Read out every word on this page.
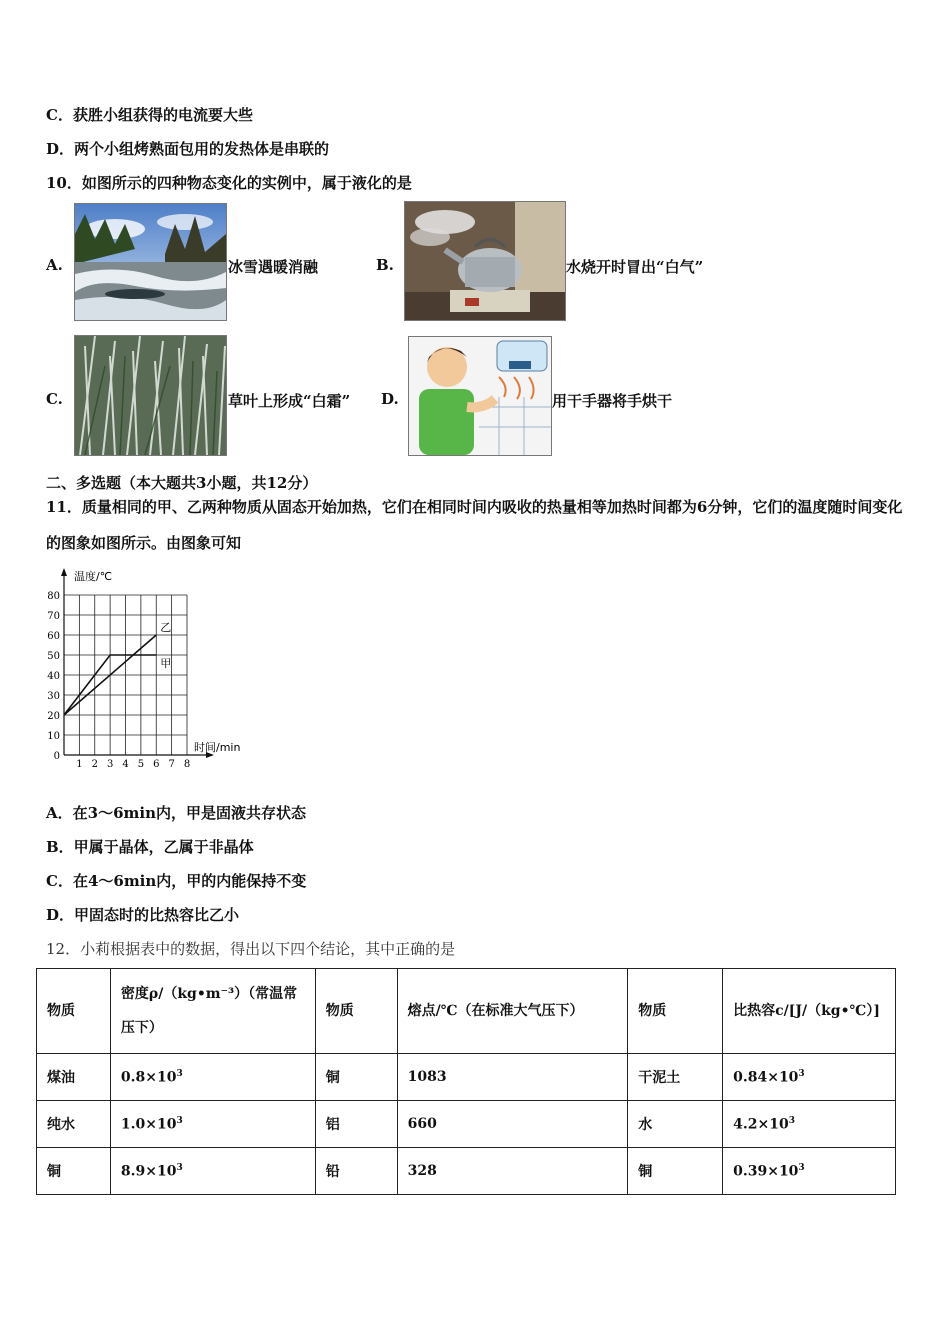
C．获胜小组获得的电流要大些
D．两个小组烤熟面包用的发热体是串联的
10．如图所示的四种物态变化的实例中，属于液化的是
A.	冰雪遇暖消融	B.	水烧开时冒出“白气”
C.	草叶上形成“白霜” D.	用干手器将手烘干
二、多选题（本大题共3小题，共12分）
11．质量相同的甲、乙两种物质从固态开始加热，它们在相同时间内吸收的热量相等加热时间都为6分钟，它们的温度随时间变化的图象如图所示。由图象可知
温度/℃
时间/min
80
70
60
50
40
30
20
10
0
1 2 3 4 5 6 7 8
甲
乙
A．在3～6min内，甲是固液共存状态
B．甲属于晶体，乙属于非晶体
C．在4～6min内，甲的内能保持不变
D．甲固态时的比热容比乙小
12．小莉根据表中的数据，得出以下四个结论，其中正确的是
物质	密度ρ/（kg•m⁻³）（常温常压下）	物质	熔点/℃（在标准大气压下）	物质	比热容c/[J/（kg•℃）]
煤油	$0.8\times 10^3$	铜	1083	干泥土	$0.84\times 10^3$
纯水	$1.0\times 10^3$	铝	660	水	$4.2\times 10^3$
铜	$8.9\times 10^3$	铅	328	铜	$0.39\times 10^3$
